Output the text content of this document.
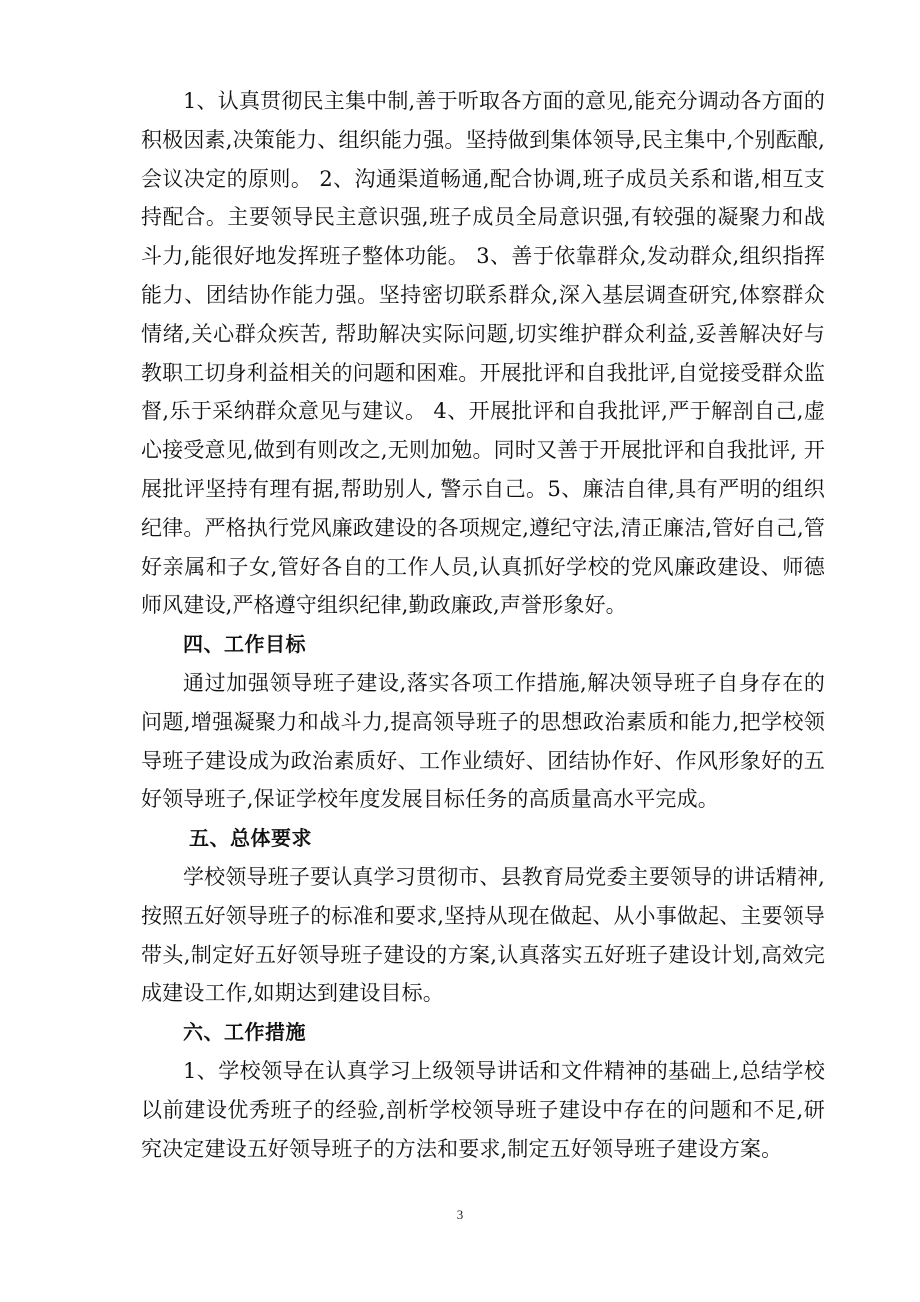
1、认真贯彻民主集中制,善于听取各方面的意见,能充分调动各方面的积极因素,决策能力、组织能力强。坚持做到集体领导,民主集中,个别酝酿,会议决定的原则。 2、沟通渠道畅通,配合协调,班子成员关系和谐,相互支持配合。主要领导民主意识强,班子成员全局意识强,有较强的凝聚力和战斗力,能很好地发挥班子整体功能。 3、善于依靠群众,发动群众,组织指挥能力、团结协作能力强。坚持密切联系群众,深入基层调查研究,体察群众情绪,关心群众疾苦, 帮助解决实际问题,切实维护群众利益,妥善解决好与教职工切身利益相关的问题和困难。开展批评和自我批评,自觉接受群众监督,乐于采纳群众意见与建议。 4、开展批评和自我批评,严于解剖自己,虚心接受意见,做到有则改之,无则加勉。同时又善于开展批评和自我批评, 开展批评坚持有理有据,帮助别人, 警示自己。5、廉洁自律,具有严明的组织纪律。严格执行党风廉政建设的各项规定,遵纪守法,清正廉洁,管好自己,管好亲属和子女,管好各自的工作人员,认真抓好学校的党风廉政建设、师德师风建设,严格遵守组织纪律,勤政廉政,声誉形象好。

四、工作目标

通过加强领导班子建设,落实各项工作措施,解决领导班子自身存在的问题,增强凝聚力和战斗力,提高领导班子的思想政治素质和能力,把学校领导班子建设成为政治素质好、工作业绩好、团结协作好、作风形象好的五好领导班子,保证学校年度发展目标任务的高质量高水平完成。

五、总体要求

学校领导班子要认真学习贯彻市、县教育局党委主要领导的讲话精神,按照五好领导班子的标准和要求,坚持从现在做起、从小事做起、主要领导带头,制定好五好领导班子建设的方案,认真落实五好班子建设计划,高效完成建设工作,如期达到建设目标。

六、工作措施

1、学校领导在认真学习上级领导讲话和文件精神的基础上,总结学校以前建设优秀班子的经验,剖析学校领导班子建设中存在的问题和不足,研究决定建设五好领导班子的方法和要求,制定五好领导班子建设方案。

3
